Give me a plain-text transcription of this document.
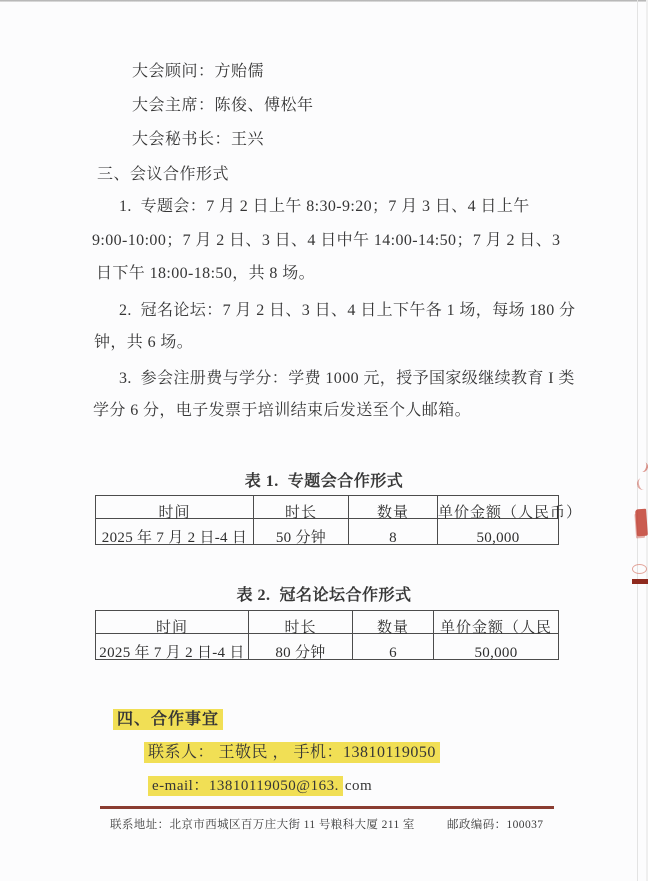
大会顾问：方贻儒
大会主席：陈俊、傅松年
大会秘书长：王兴
三、会议合作形式
1.  专题会：7 月 2 日上午 8:30-9:20；7 月 3 日、4 日上午
9:00-10:00；7 月 2 日、3 日、4 日中午 14:00-14:50；7 月 2 日、3
日下午 18:00-18:50，共 8 场。
2.  冠名论坛：7 月 2 日、3 日、4 日上下午各 1 场，每场 180 分
钟，共 6 场。
3.  参会注册费与学分：学费 1000 元，授予国家级继续教育 I 类
学分 6 分，电子发票于培训结束后发送至个人邮箱。
表 1.  专题会合作形式
时间	时长	数量	单价金额（人民币）
2025 年 7 月 2 日-4 日	50 分钟	8	50,000
表 2.  冠名论坛合作形式
时间	时长	数量	单价金额（人民
2025 年 7 月 2 日-4 日	80 分钟	6	50,000

四、合作事宜

联系人： 王敬民 ， 手机：13810119050

e-mail：13810119050@163. com

联系地址：北京市西城区百万庄大街 11 号粮科大厦 211 室	邮政编码：100037
